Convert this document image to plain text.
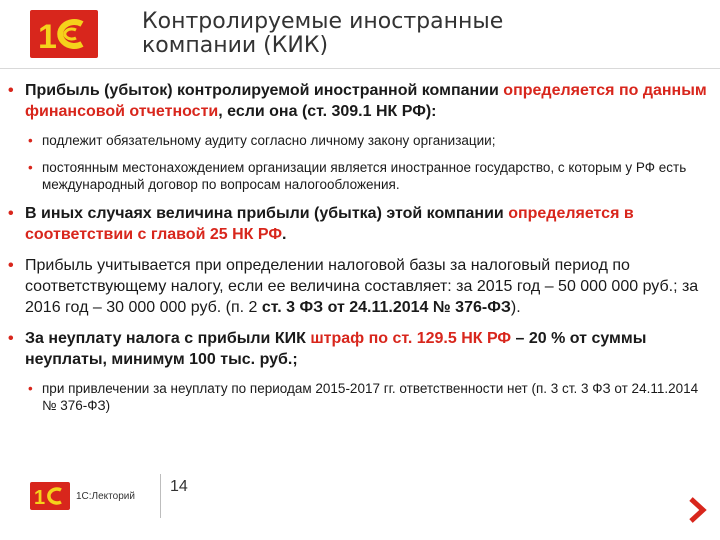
1	® Контролируемые иностранные
компании (КИК)
• Прибыль (убыток) контролируемой иностранной компании определяется по данным финансовой отчетности, если она (ст. 309.1 НК РФ):
• подлежит обязательному аудиту согласно личному закону организации;
• постоянным местонахождением организации является иностранное государство, с которым у РФ есть международный договор по вопросам налогообложения.
• В иных случаях величина прибыли (убытка) этой компании определяется в соответствии с главой 25 НК РФ.
• Прибыль учитывается при определении налоговой базы за налоговый период по соответствующему налогу, если ее величина составляет: за 2015 год – 50 000 000 руб.; за 2016 год – 30 000 000 руб. (п. 2 ст. 3 ФЗ от 24.11.2014 № 376-ФЗ).
• За неуплату налога с прибыли КИК штраф по ст. 129.5 НК РФ – 20 % от суммы неуплаты, минимум 100 тыс. руб.;
• при привлечении за неуплату по периодам 2015-2017 гг. ответственности нет (п. 3 ст. 3 ФЗ от 24.11.2014 № 376-ФЗ)
1	1С:Лекторий
14
